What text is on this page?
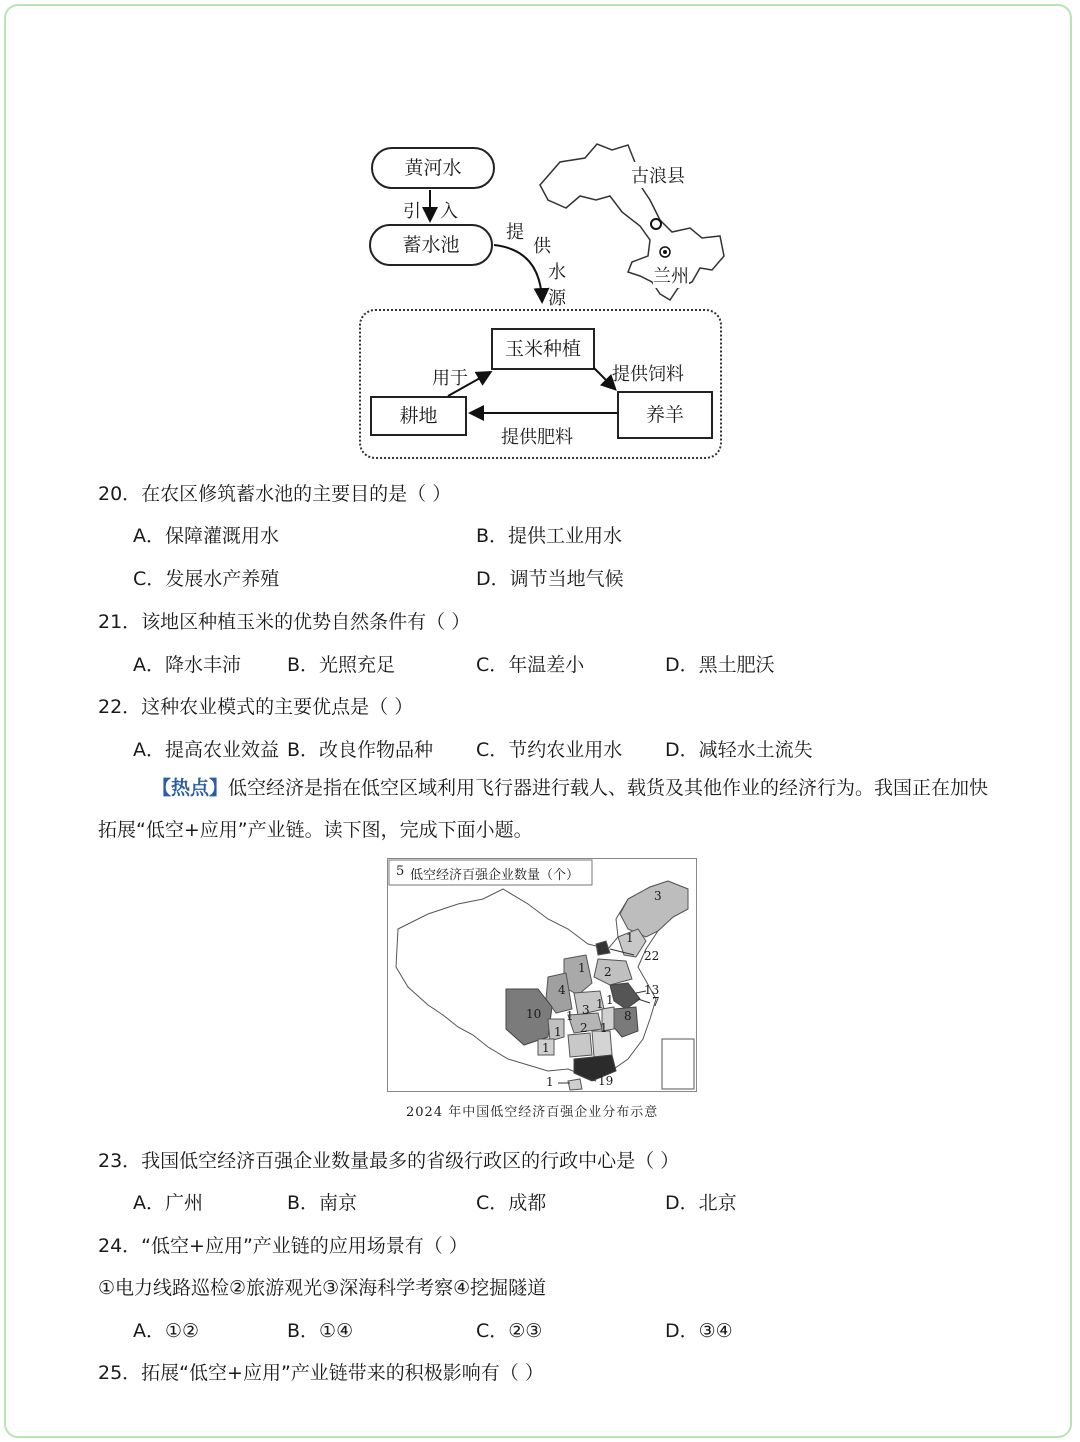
黄河水
引 入
蓄水池
提
供
水
源
玉米种植
养羊
耕地
用于	提供饲料
提供肥料
古浪县
兰州
20．在农区修筑蓄水池的主要目的是（ ）
A．保障灌溉用水	B．提供工业用水
C．发展水产养殖	D．调节当地气候
21．该地区种植玉米的优势自然条件有（ ）
A．降水丰沛 B．光照充足	C．年温差小	D．黑土肥沃
22．这种农业模式的主要优点是（ ）
A．提高农业效益 B．改良作物品种 C．节约农业用水 D．减轻水土流失
【热点】低空经济是指在低空区域利用飞行器进行载人、载货及其他作业的经济行为。我国正在加快
拓展“低空+应用”产业链。读下图，完成下面小题。
5 低空经济百强企业数量（个）
3
1
22
1 2
13
7
8
4
1
3
1
10
1 2 1
1
1
19
1
2024 年中国低空经济百强企业分布示意
23．我国低空经济百强企业数量最多的省级行政区的行政中心是（ ）
A．广州	B．南京	C．成都	D．北京
24．“低空+应用”产业链的应用场景有（ ）
①电力线路巡检②旅游观光③深海科学考察④挖掘隧道
A．①②	B．①④	C．②③	D．③④
25．拓展“低空+应用”产业链带来的积极影响有（ ）
